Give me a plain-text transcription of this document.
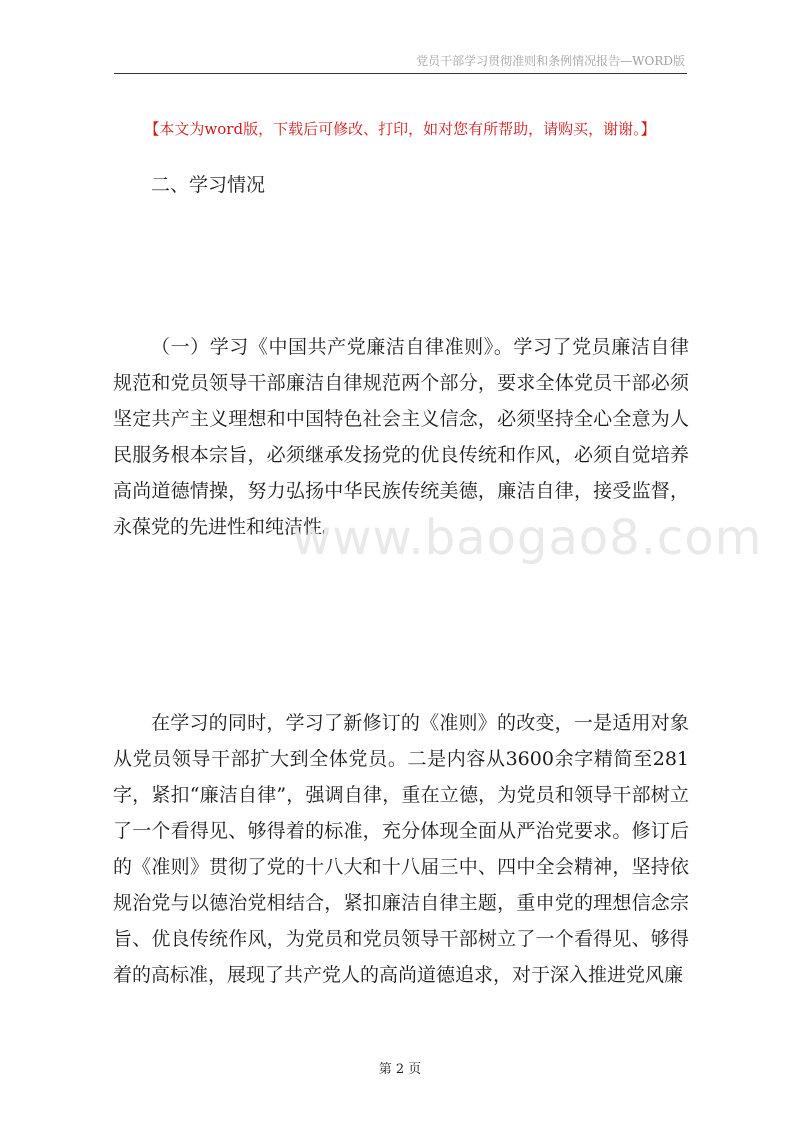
党员干部学习贯彻准则和条例情况报告—WORD版
【本文为word版，下载后可修改、打印，如对您有所帮助，请购买，谢谢。】
二、学习情况

（一）学习《中国共产党廉洁自律准则》。学习了党员廉洁自律规范和党员领导干部廉洁自律规范两个部分，要求全体党员干部必须坚定共产主义理想和中国特色社会主义信念，必须坚持全心全意为人民服务根本宗旨，必须继承发扬党的优良传统和作风，必须自觉培养高尚道德情操，努力弘扬中华民族传统美德，廉洁自律，接受监督，永葆党的先进性和纯洁性。

www.baogao8.com

在学习的同时，学习了新修订的《准则》的改变，一是适用对象从党员领导干部扩大到全体党员。二是内容从3600余字精简至281字，紧扣“廉洁自律”，强调自律，重在立德，为党员和领导干部树立了一个看得见、够得着的标准，充分体现全面从严治党要求。修订后的《准则》贯彻了党的十八大和十八届三中、四中全会精神，坚持依规治党与以德治党相结合，紧扣廉洁自律主题，重申党的理想信念宗旨、优良传统作风，为党员和党员领导干部树立了一个看得见、够得着的高标准，展现了共产党人的高尚道德追求，对于深入推进党风廉

第 2 页
